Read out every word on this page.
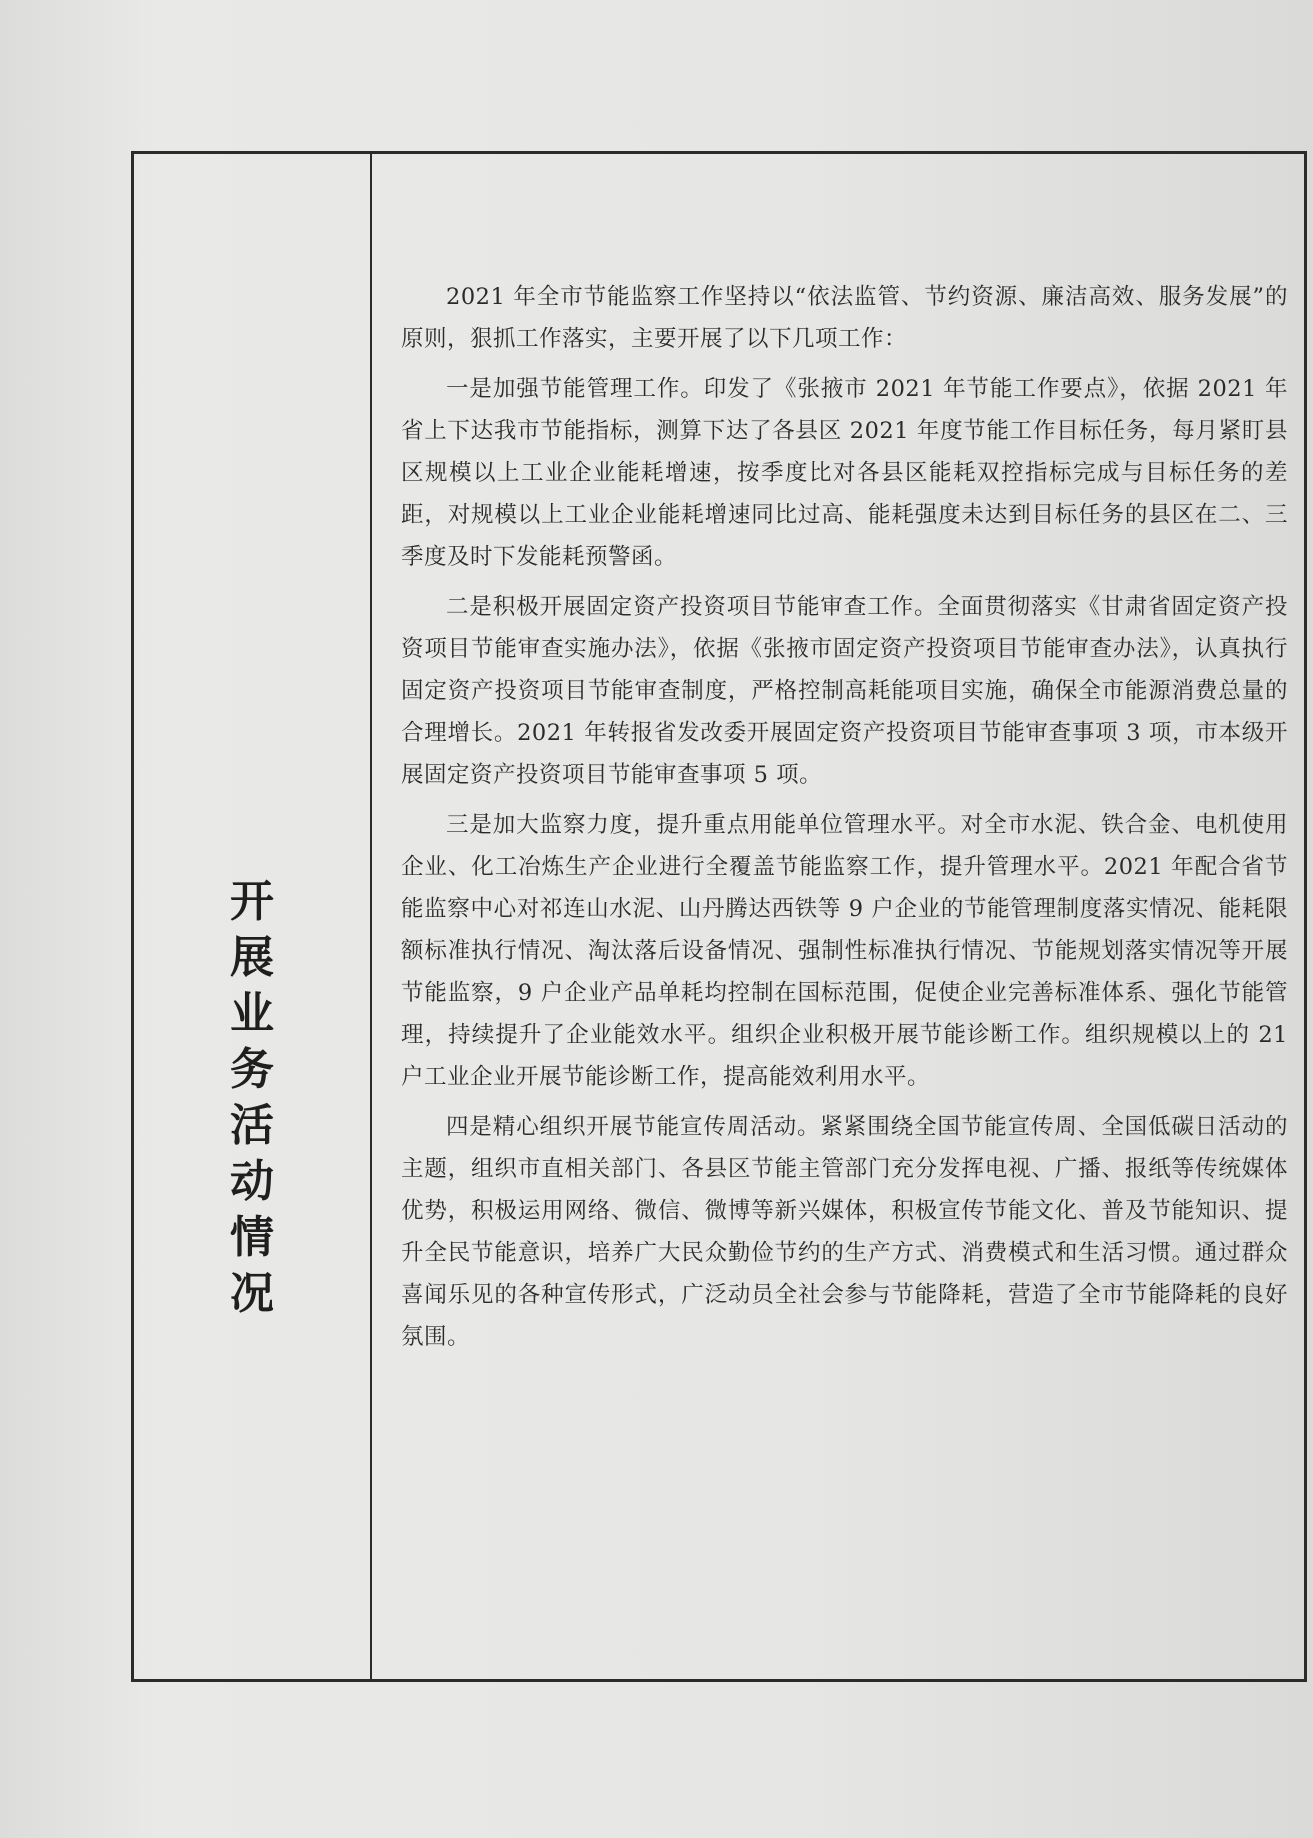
开
展
业
务
活
动
情
况

2021 年全市节能监察工作坚持以“依法监管、节约资源、廉洁高效、服务发展”的原则，狠抓工作落实，主要开展了以下几项工作：

一是加强节能管理工作。印发了《张掖市 2021 年节能工作要点》，依据 2021 年省上下达我市节能指标，测算下达了各县区 2021 年度节能工作目标任务，每月紧盯县区规模以上工业企业能耗增速，按季度比对各县区能耗双控指标完成与目标任务的差距，对规模以上工业企业能耗增速同比过高、能耗强度未达到目标任务的县区在二、三季度及时下发能耗预警函。

二是积极开展固定资产投资项目节能审查工作。全面贯彻落实《甘肃省固定资产投资项目节能审查实施办法》，依据《张掖市固定资产投资项目节能审查办法》，认真执行固定资产投资项目节能审查制度，严格控制高耗能项目实施，确保全市能源消费总量的合理增长。2021 年转报省发改委开展固定资产投资项目节能审查事项 3 项，市本级开展固定资产投资项目节能审查事项 5 项。

三是加大监察力度，提升重点用能单位管理水平。对全市水泥、铁合金、电机使用企业、化工冶炼生产企业进行全覆盖节能监察工作，提升管理水平。2021 年配合省节能监察中心对祁连山水泥、山丹腾达西铁等 9 户企业的节能管理制度落实情况、能耗限额标准执行情况、淘汰落后设备情况、强制性标准执行情况、节能规划落实情况等开展节能监察，9 户企业产品单耗均控制在国标范围，促使企业完善标准体系、强化节能管理，持续提升了企业能效水平。组织企业积极开展节能诊断工作。组织规模以上的 21 户工业企业开展节能诊断工作，提高能效利用水平。

四是精心组织开展节能宣传周活动。紧紧围绕全国节能宣传周、全国低碳日活动的主题，组织市直相关部门、各县区节能主管部门充分发挥电视、广播、报纸等传统媒体优势，积极运用网络、微信、微博等新兴媒体，积极宣传节能文化、普及节能知识、提升全民节能意识，培养广大民众勤俭节约的生产方式、消费模式和生活习惯。通过群众喜闻乐见的各种宣传形式，广泛动员全社会参与节能降耗，营造了全市节能降耗的良好氛围。
